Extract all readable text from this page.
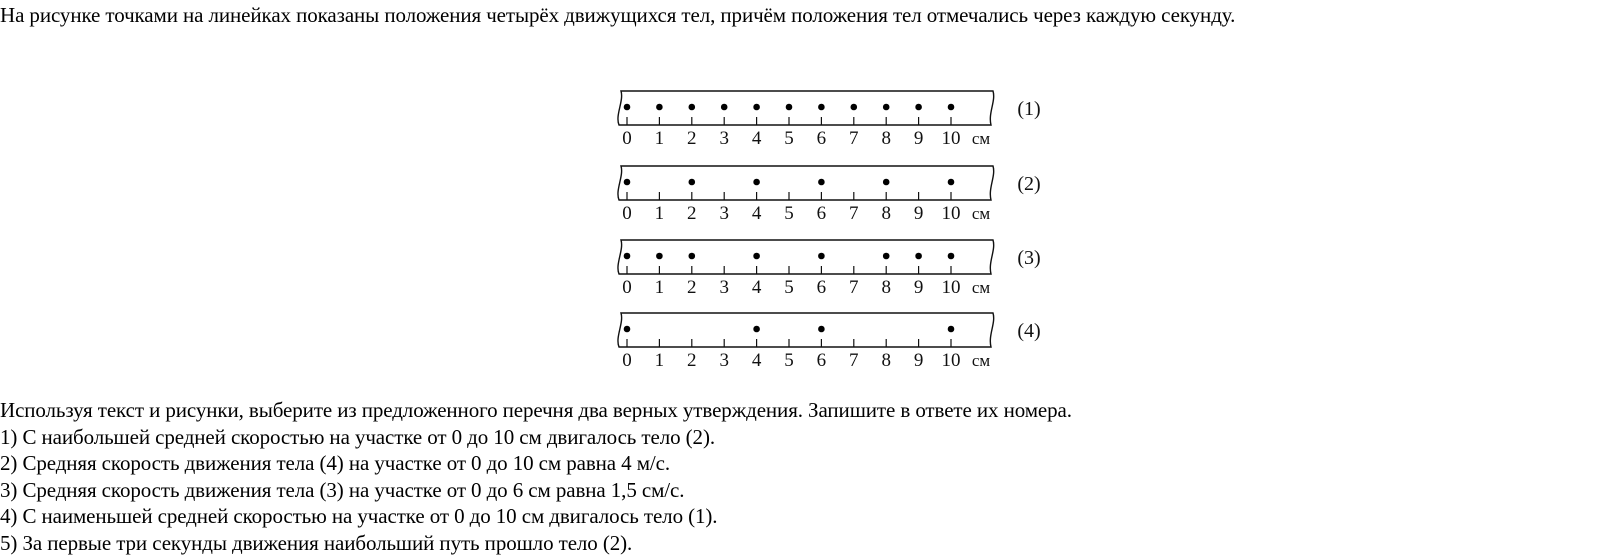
На рисунке точками на линейках показаны положения четырёх движущихся тел, причём положения тел отмечались через каждую секунду.
0 1 2 3 4 5 6 7 8 9 10 см
(1)
0 1 2 3 4 5 6 7 8 9 10 см
(2)
0 1 2 3 4 5 6 7 8 9 10 см
(3)
0 1 2 3 4 5 6 7 8 9 10 см
(4)
Используя текст и рисунки, выберите из предложенного перечня два верных утверждения. Запишите в ответе их номера.
1) С наибольшей средней скоростью на участке от 0 до 10 см двигалось тело (2).
2) Средняя скорость движения тела (4) на участке от 0 до 10 см равна 4 м/с.
3) Средняя скорость движения тела (3) на участке от 0 до 6 см равна 1,5 см/с.
4) С наименьшей средней скоростью на участке от 0 до 10 см двигалось тело (1).
5) За первые три секунды движения наибольший путь прошло тело (2).
